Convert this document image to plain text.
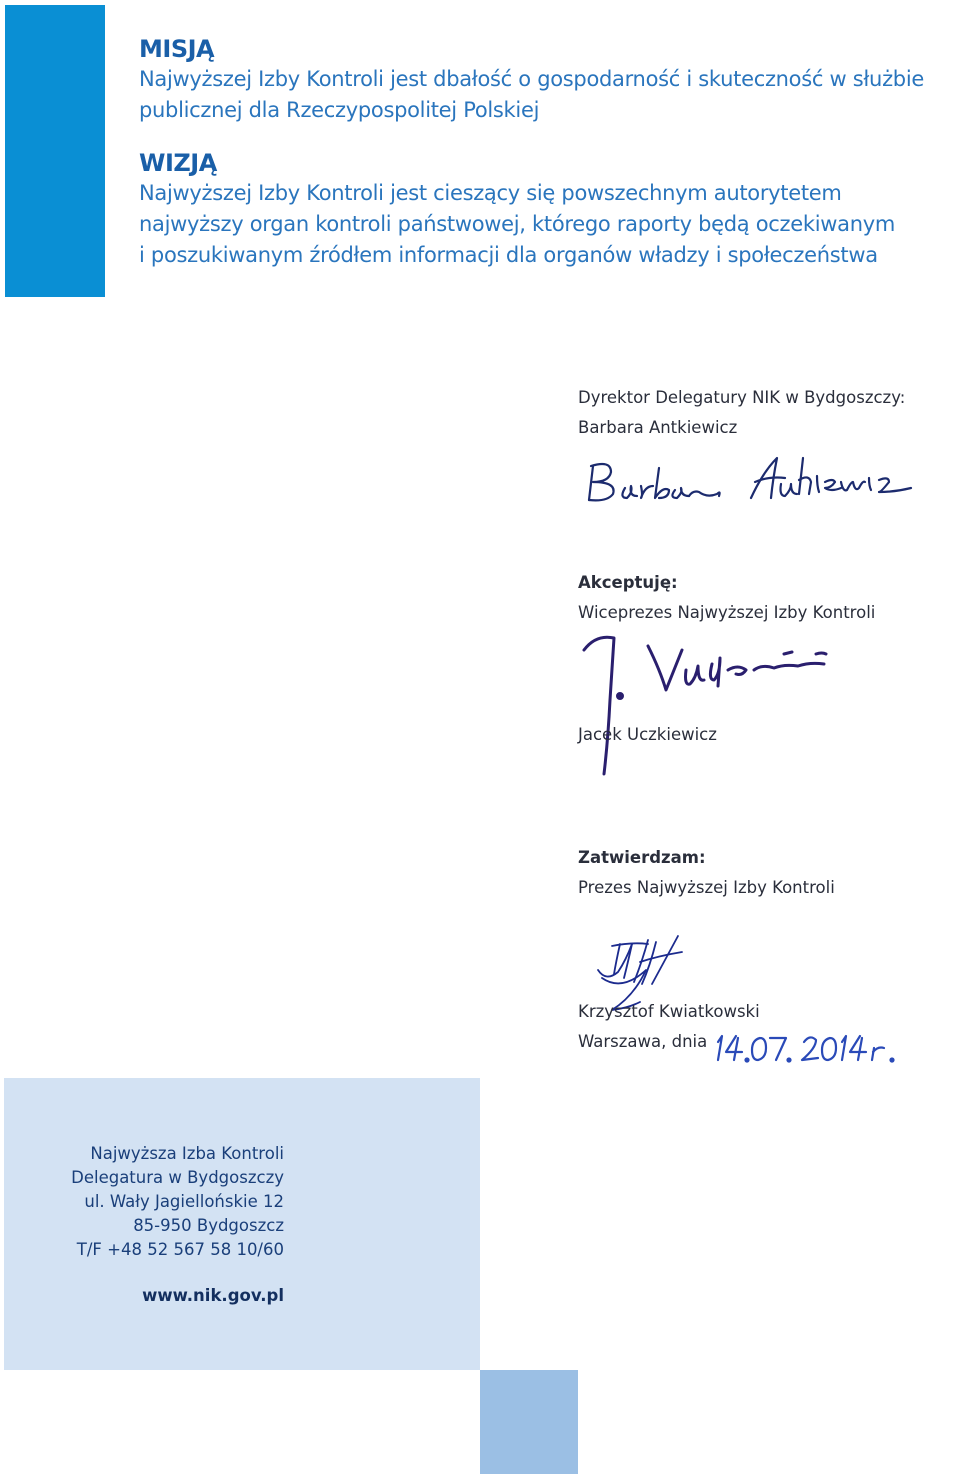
MISJĄ
Najwyższej Izby Kontroli jest dbałość o gospodarność i skuteczność w służbie
publicznej dla Rzeczypospolitej Polskiej
WIZJĄ
Najwyższej Izby Kontroli jest cieszący się powszechnym autorytetem
najwyższy organ kontroli państwowej, którego raporty będą oczekiwanym
i poszukiwanym źródłem informacji dla organów władzy i społeczeństwa
Dyrektor Delegatury NIK w Bydgoszczy:
Barbara Antkiewicz
Akceptuję:
Wiceprezes Najwyższej Izby Kontroli
Jacek Uczkiewicz
Zatwierdzam:
Prezes Najwyższej Izby Kontroli
Krzysztof Kwiatkowski
Warszawa, dnia
Najwyższa Izba Kontroli
Delegatura w Bydgoszczy
ul. Wały Jagiellońskie 12
85-950 Bydgoszcz
T/F +48 52 567 58 10/60
www.nik.gov.pl
